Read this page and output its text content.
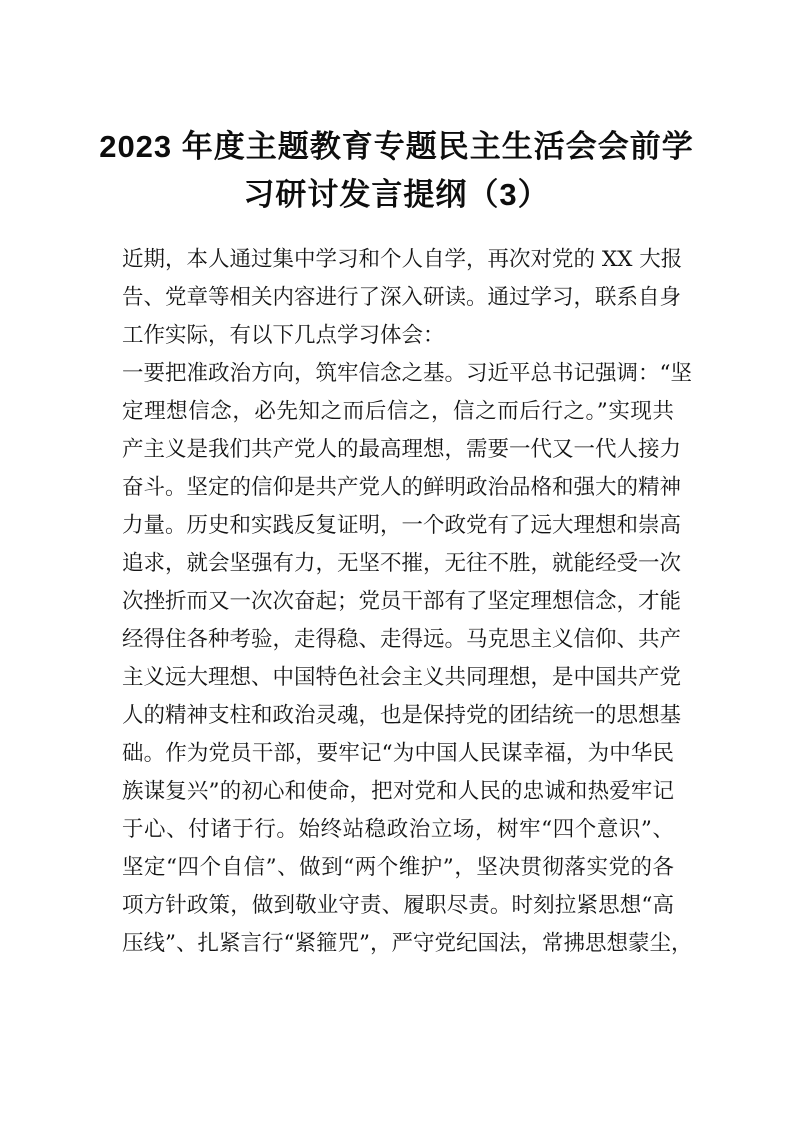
2023 年度主题教育专题民主生活会会前学
习研讨发言提纲（3）
近期，本人通过集中学习和个人自学，再次对党的 XX 大报
告、党章等相关内容进行了深入研读。通过学习，联系自身
工作实际，有以下几点学习体会：
一要把准政治方向，筑牢信念之基。习近平总书记强调：“坚
定理想信念，必先知之而后信之，信之而后行之。”实现共
产主义是我们共产党人的最高理想，需要一代又一代人接力
奋斗。坚定的信仰是共产党人的鲜明政治品格和强大的精神
力量。历史和实践反复证明，一个政党有了远大理想和崇高
追求，就会坚强有力，无坚不摧，无往不胜，就能经受一次
次挫折而又一次次奋起；党员干部有了坚定理想信念，才能
经得住各种考验，走得稳、走得远。马克思主义信仰、共产
主义远大理想、中国特色社会主义共同理想，是中国共产党
人的精神支柱和政治灵魂，也是保持党的团结统一的思想基
础。作为党员干部，要牢记“为中国人民谋幸福，为中华民
族谋复兴”的初心和使命，把对党和人民的忠诚和热爱牢记
于心、付诸于行。始终站稳政治立场，树牢“四个意识”、
坚定“四个自信”、做到“两个维护”，坚决贯彻落实党的各
项方针政策，做到敬业守责、履职尽责。时刻拉紧思想“高
压线”、扎紧言行“紧箍咒”，严守党纪国法，常拂思想蒙尘，
